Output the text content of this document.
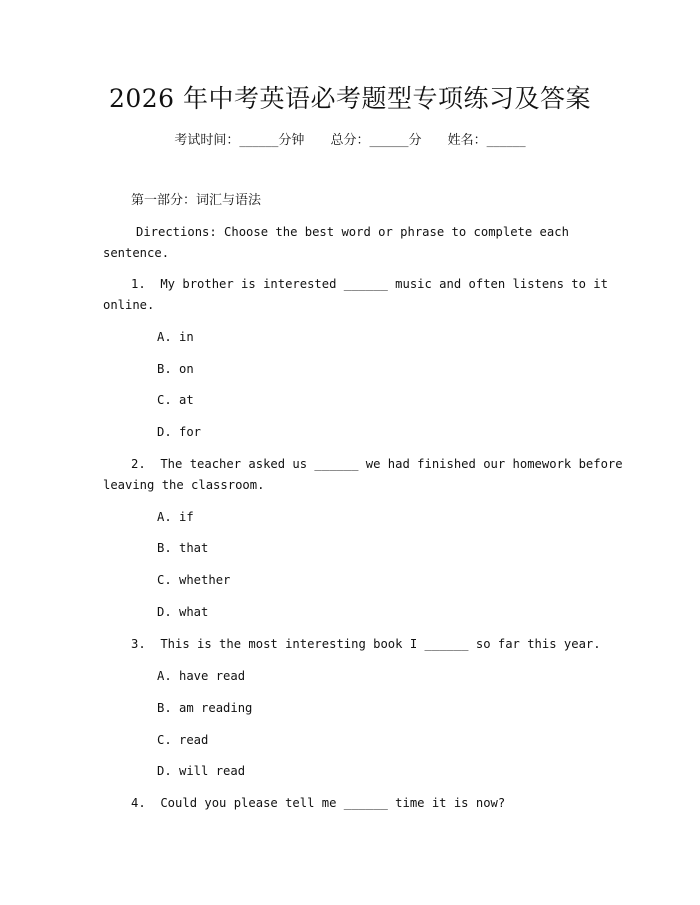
2026 年中考英语必考题型专项练习及答案
考试时间：______分钟 总分：______分 姓名：______
第一部分：词汇与语法
Directions: Choose the best word or phrase to complete each
sentence.
1.  My brother is interested ______ music and often listens to it
online.
A. in
B. on
C. at
D. for
2.  The teacher asked us ______ we had finished our homework before
leaving the classroom.
A. if
B. that
C. whether
D. what
3.  This is the most interesting book I ______ so far this year.
A. have read
B. am reading
C. read
D. will read
4.  Could you please tell me ______ time it is now?
